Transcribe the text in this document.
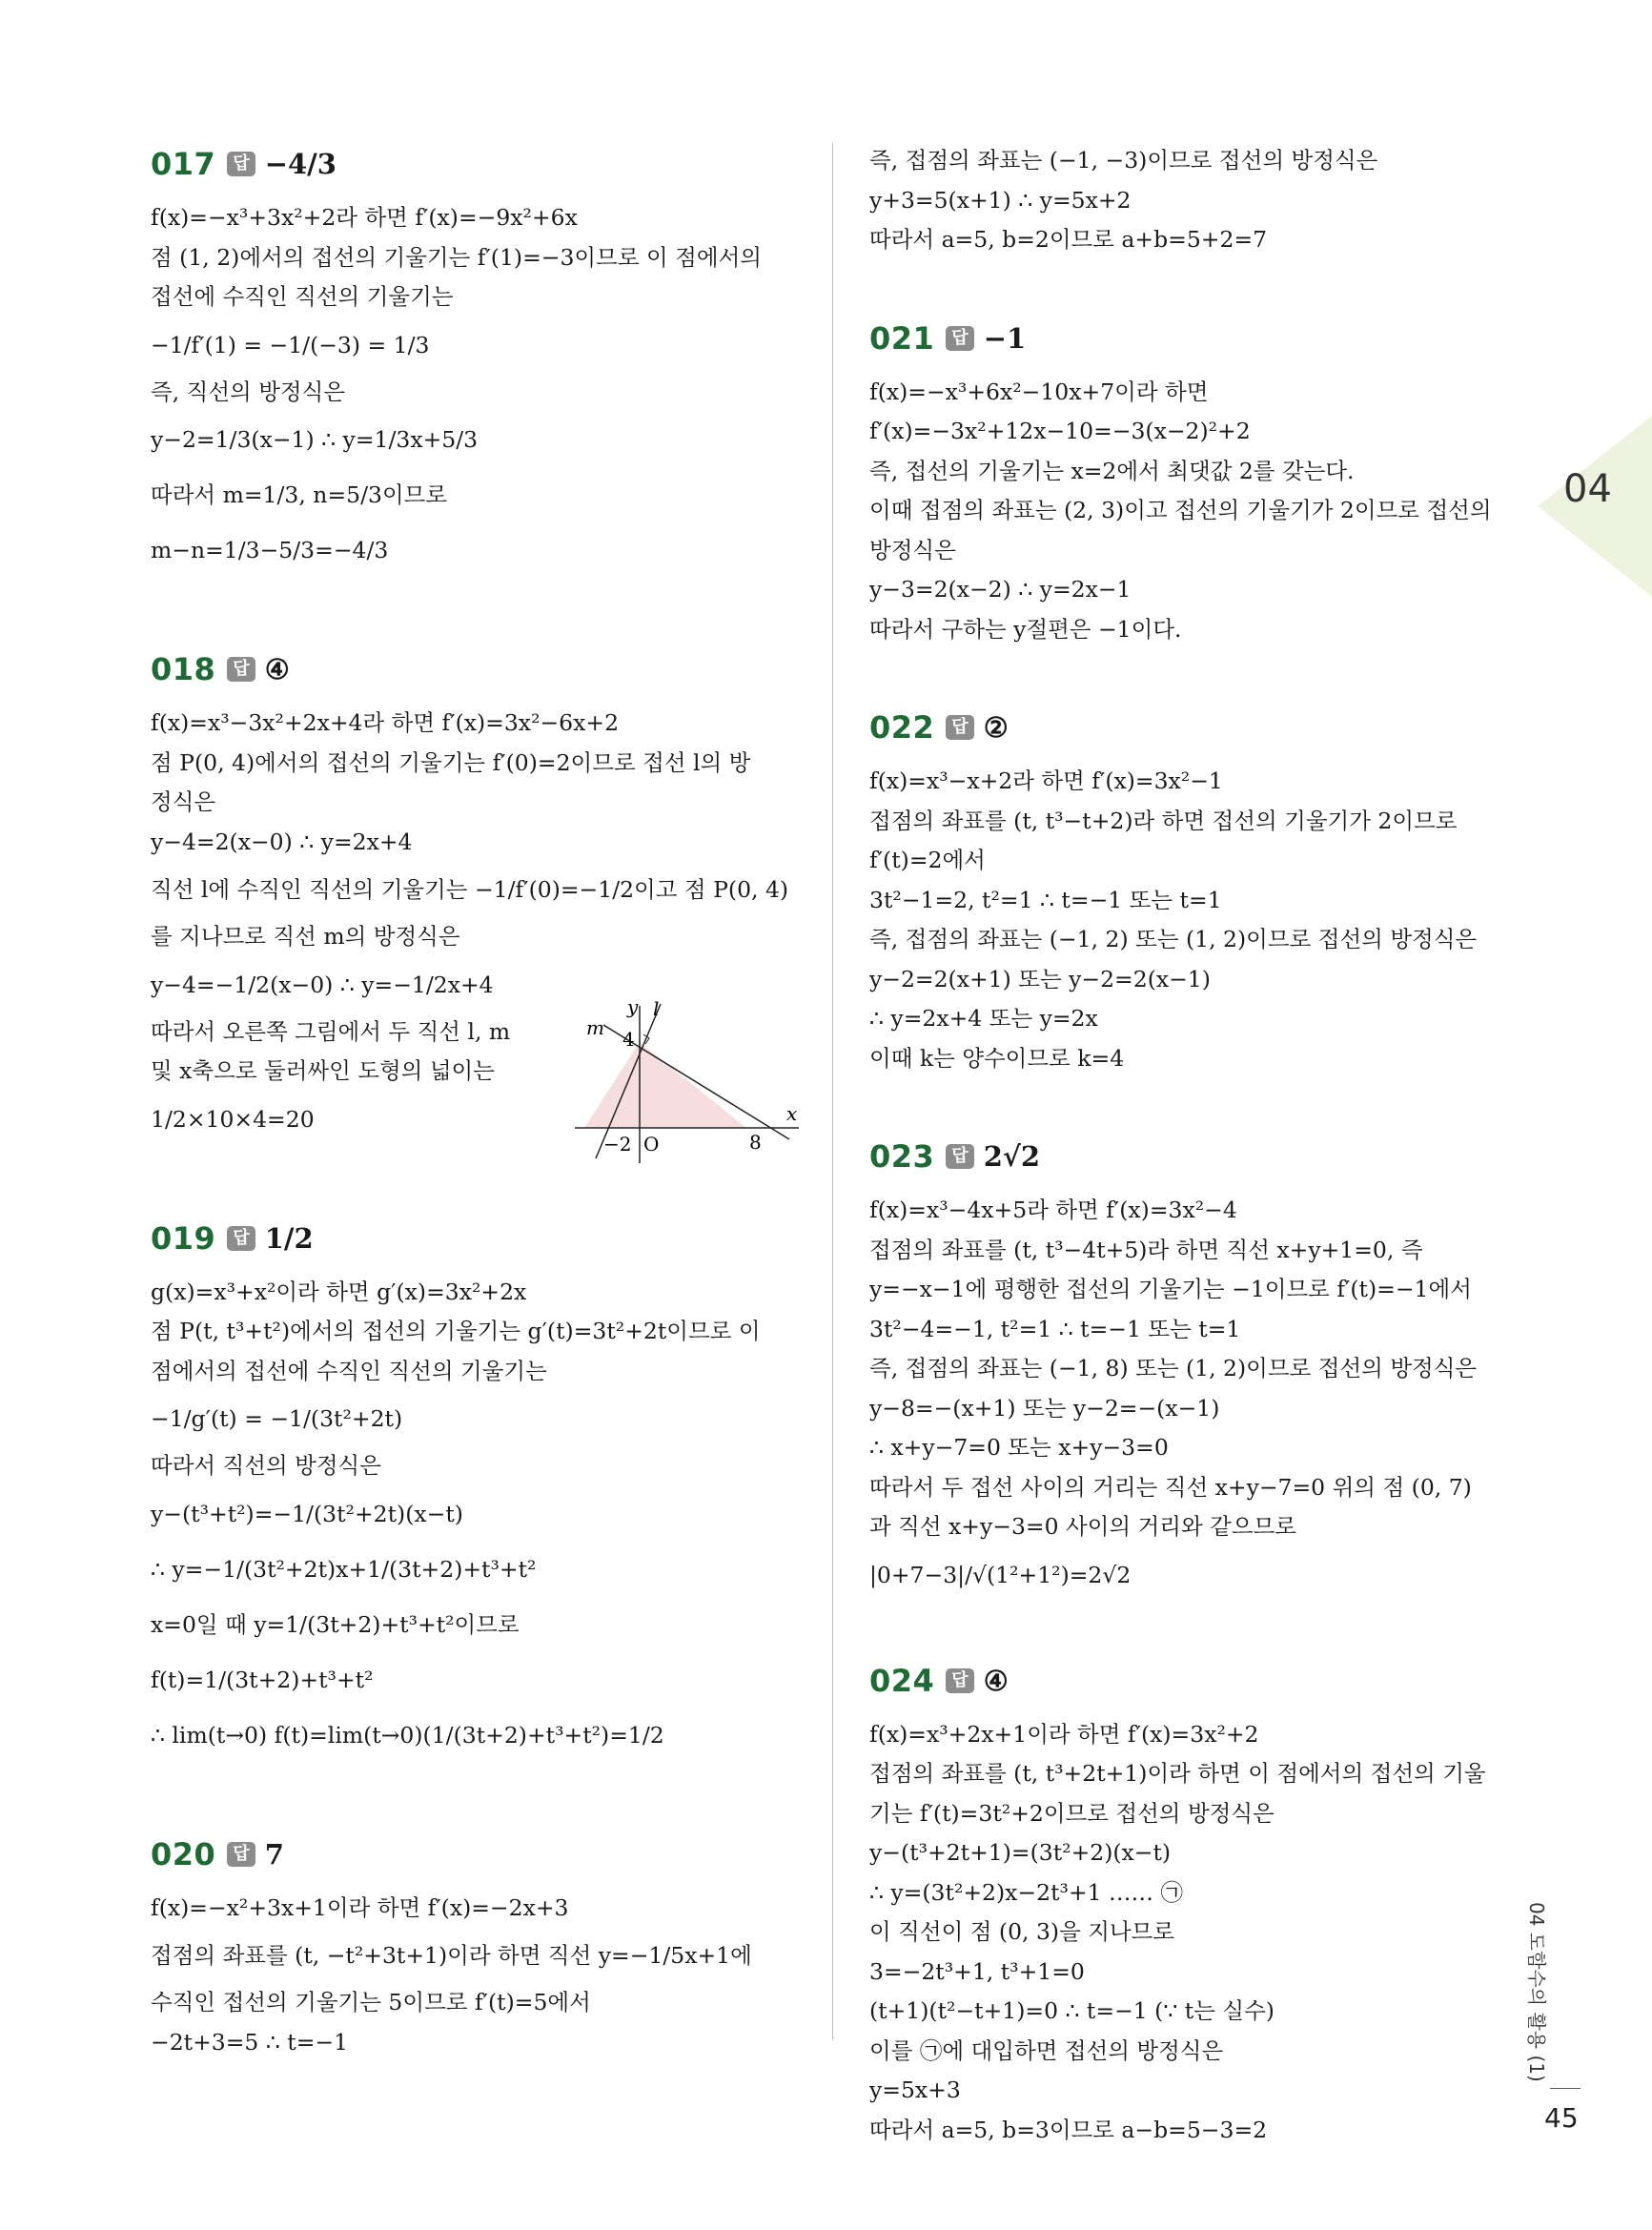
04
04 도함수의 활용 (1)
45
017	답 −4/3
f(x)=−x³+3x²+2라 하면 f′(x)=−9x²+6x
점 (1, 2)에서의 접선의 기울기는 f′(1)=−3이므로 이 점에서의
접선에 수직인 직선의 기울기는
−1/f′(1) = −1/(−3) = 1/3
즉, 직선의 방정식은
y−2=1/3(x−1) ∴ y=1/3x+5/3
따라서 m=1/3, n=5/3이므로
m−n=1/3−5/3=−4/3
018	답 ④
f(x)=x³−3x²+2x+4라 하면 f′(x)=3x²−6x+2
점 P(0, 4)에서의 접선의 기울기는 f′(0)=2이므로 접선 l의 방
정식은
y−4=2(x−0) ∴ y=2x+4
직선 l에 수직인 직선의 기울기는 −1/f′(0)=−1/2이고 점 P(0, 4)
를 지나므로 직선 m의 방정식은
y−4=−1/2(x−0) ∴ y=−1/2x+4
따라서 오른쪽 그림에서 두 직선 l, m
및 x축으로 둘러싸인 도형의 넓이는
1/2×10×4=20
y l
m 4
x
−2 O	8
019	답 1/2
g(x)=x³+x²이라 하면 g′(x)=3x²+2x
점 P(t, t³+t²)에서의 접선의 기울기는 g′(t)=3t²+2t이므로 이
점에서의 접선에 수직인 직선의 기울기는
−1/g′(t) = −1/(3t²+2t)
따라서 직선의 방정식은
y−(t³+t²)=−1/(3t²+2t)(x−t)
∴ y=−1/(3t²+2t)x+1/(3t+2)+t³+t²
x=0일 때 y=1/(3t+2)+t³+t²이므로
f(t)=1/(3t+2)+t³+t²
∴ lim(t→0) f(t)=lim(t→0)(1/(3t+2)+t³+t²)=1/2
020	답 7
f(x)=−x²+3x+1이라 하면 f′(x)=−2x+3
접점의 좌표를 (t, −t²+3t+1)이라 하면 직선 y=−1/5x+1에
수직인 접선의 기울기는 5이므로 f′(t)=5에서
−2t+3=5 ∴ t=−1
즉, 접점의 좌표는 (−1, −3)이므로 접선의 방정식은
y+3=5(x+1) ∴ y=5x+2
따라서 a=5, b=2이므로 a+b=5+2=7
021	답 −1
f(x)=−x³+6x²−10x+7이라 하면
f′(x)=−3x²+12x−10=−3(x−2)²+2
즉, 접선의 기울기는 x=2에서 최댓값 2를 갖는다.
이때 접점의 좌표는 (2, 3)이고 접선의 기울기가 2이므로 접선의
방정식은
y−3=2(x−2) ∴ y=2x−1
따라서 구하는 y절편은 −1이다.
022	답 ②
f(x)=x³−x+2라 하면 f′(x)=3x²−1
접점의 좌표를 (t, t³−t+2)라 하면 접선의 기울기가 2이므로
f′(t)=2에서
3t²−1=2, t²=1 ∴ t=−1 또는 t=1
즉, 접점의 좌표는 (−1, 2) 또는 (1, 2)이므로 접선의 방정식은
y−2=2(x+1) 또는 y−2=2(x−1)
∴ y=2x+4 또는 y=2x
이때 k는 양수이므로 k=4
023	답 2√2
f(x)=x³−4x+5라 하면 f′(x)=3x²−4
접점의 좌표를 (t, t³−4t+5)라 하면 직선 x+y+1=0, 즉
y=−x−1에 평행한 접선의 기울기는 −1이므로 f′(t)=−1에서
3t²−4=−1, t²=1 ∴ t=−1 또는 t=1
즉, 접점의 좌표는 (−1, 8) 또는 (1, 2)이므로 접선의 방정식은
y−8=−(x+1) 또는 y−2=−(x−1)
∴ x+y−7=0 또는 x+y−3=0
따라서 두 접선 사이의 거리는 직선 x+y−7=0 위의 점 (0, 7)
과 직선 x+y−3=0 사이의 거리와 같으므로
|0+7−3|/√(1²+1²)=2√2
024	답 ④
f(x)=x³+2x+1이라 하면 f′(x)=3x²+2
접점의 좌표를 (t, t³+2t+1)이라 하면 이 점에서의 접선의 기울
기는 f′(t)=3t²+2이므로 접선의 방정식은
y−(t³+2t+1)=(3t²+2)(x−t)
∴ y=(3t²+2)x−2t³+1 …… ㉠
이 직선이 점 (0, 3)을 지나므로
3=−2t³+1, t³+1=0
(t+1)(t²−t+1)=0 ∴ t=−1 (∵ t는 실수)
이를 ㉠에 대입하면 접선의 방정식은
y=5x+3
따라서 a=5, b=3이므로 a−b=5−3=2
